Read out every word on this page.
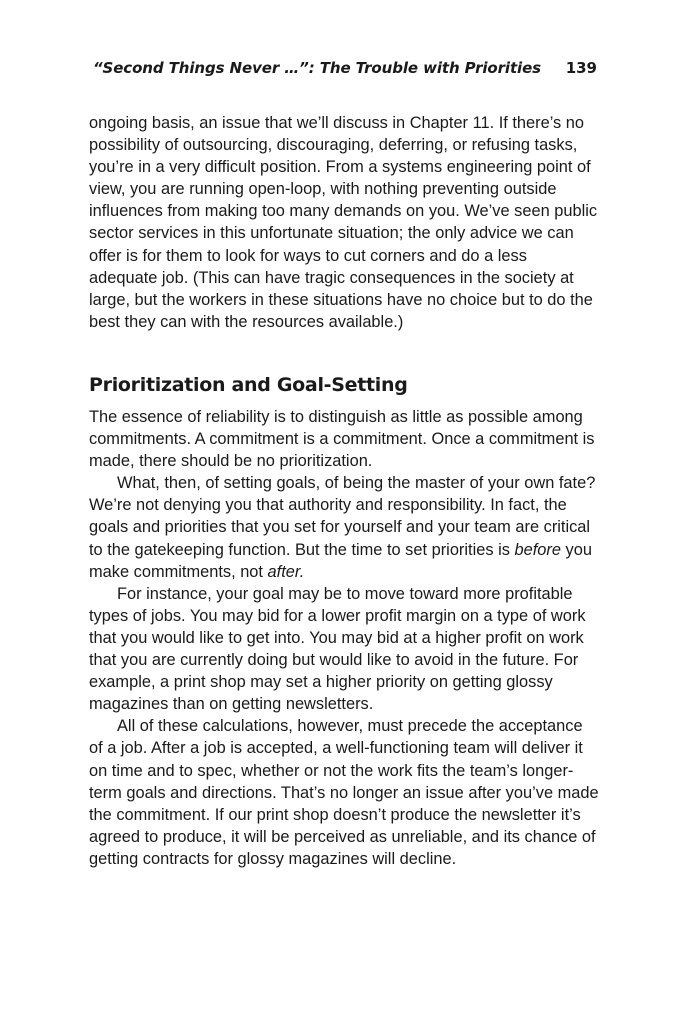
“Second Things Never …”: The Trouble with Priorities 139

ongoing basis, an issue that we’ll discuss in Chapter 11. If there’s no possibility of outsourcing, discouraging, deferring, or refusing tasks, you’re in a very difficult position. From a systems engineering point of view, you are running open-loop, with nothing preventing outside influences from making too many demands on you. We’ve seen public sector services in this unfortunate situation; the only advice we can offer is for them to look for ways to cut corners and do a less adequate job. (This can have tragic consequences in the society at large, but the workers in these situations have no choice but to do the best they can with the resources available.)

Prioritization and Goal-Setting

The essence of reliability is to distinguish as little as possible among commitments. A commitment is a commitment. Once a commitment is made, there should be no prioritization.

What, then, of setting goals, of being the master of your own fate? We’re not denying you that authority and responsibility. In fact, the goals and priorities that you set for yourself and your team are critical to the gatekeeping function. But the time to set priorities is before you make commitments, not after.

For instance, your goal may be to move toward more profitable types of jobs. You may bid for a lower profit margin on a type of work that you would like to get into. You may bid at a higher profit on work that you are currently doing but would like to avoid in the future. For example, a print shop may set a higher priority on getting glossy magazines than on getting newsletters.

All of these calculations, however, must precede the acceptance of a job. After a job is accepted, a well-functioning team will deliver it on time and to spec, whether or not the work fits the team’s longer-term goals and directions. That’s no longer an issue after you’ve made the commitment. If our print shop doesn’t produce the newsletter it’s agreed to produce, it will be perceived as unreliable, and its chance of getting contracts for glossy magazines will decline.
